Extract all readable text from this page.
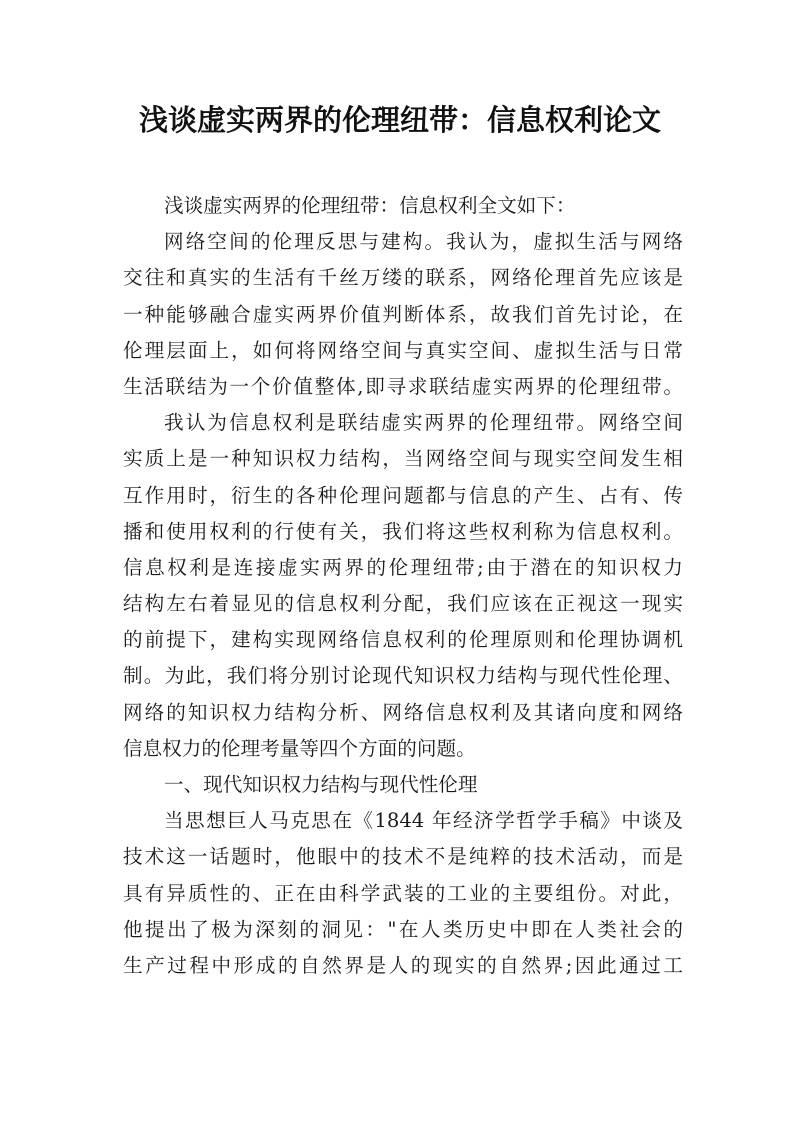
浅谈虚实两界的伦理纽带：信息权利论文
浅谈虚实两界的伦理纽带：信息权利全文如下：
网络空间的伦理反思与建构。我认为，虚拟生活与网络
交往和真实的生活有千丝万缕的联系，网络伦理首先应该是
一种能够融合虚实两界价值判断体系，故我们首先讨论，在
伦理层面上，如何将网络空间与真实空间、虚拟生活与日常
生活联结为一个价值整体,即寻求联结虚实两界的伦理纽带。
我认为信息权利是联结虚实两界的伦理纽带。网络空间
实质上是一种知识权力结构，当网络空间与现实空间发生相
互作用时，衍生的各种伦理问题都与信息的产生、占有、传
播和使用权利的行使有关，我们将这些权利称为信息权利。
信息权利是连接虚实两界的伦理纽带;由于潜在的知识权力
结构左右着显见的信息权利分配，我们应该在正视这一现实
的前提下，建构实现网络信息权利的伦理原则和伦理协调机
制。为此，我们将分别讨论现代知识权力结构与现代性伦理、
网络的知识权力结构分析、网络信息权利及其诸向度和网络
信息权力的伦理考量等四个方面的问题。
一、现代知识权力结构与现代性伦理
当思想巨人马克思在《1844 年经济学哲学手稿》中谈及
技术这一话题时，他眼中的技术不是纯粹的技术活动，而是
具有异质性的、正在由科学武装的工业的主要组份。对此，
他提出了极为深刻的洞见："在人类历史中即在人类社会的
生产过程中形成的自然界是人的现实的自然界;因此通过工
